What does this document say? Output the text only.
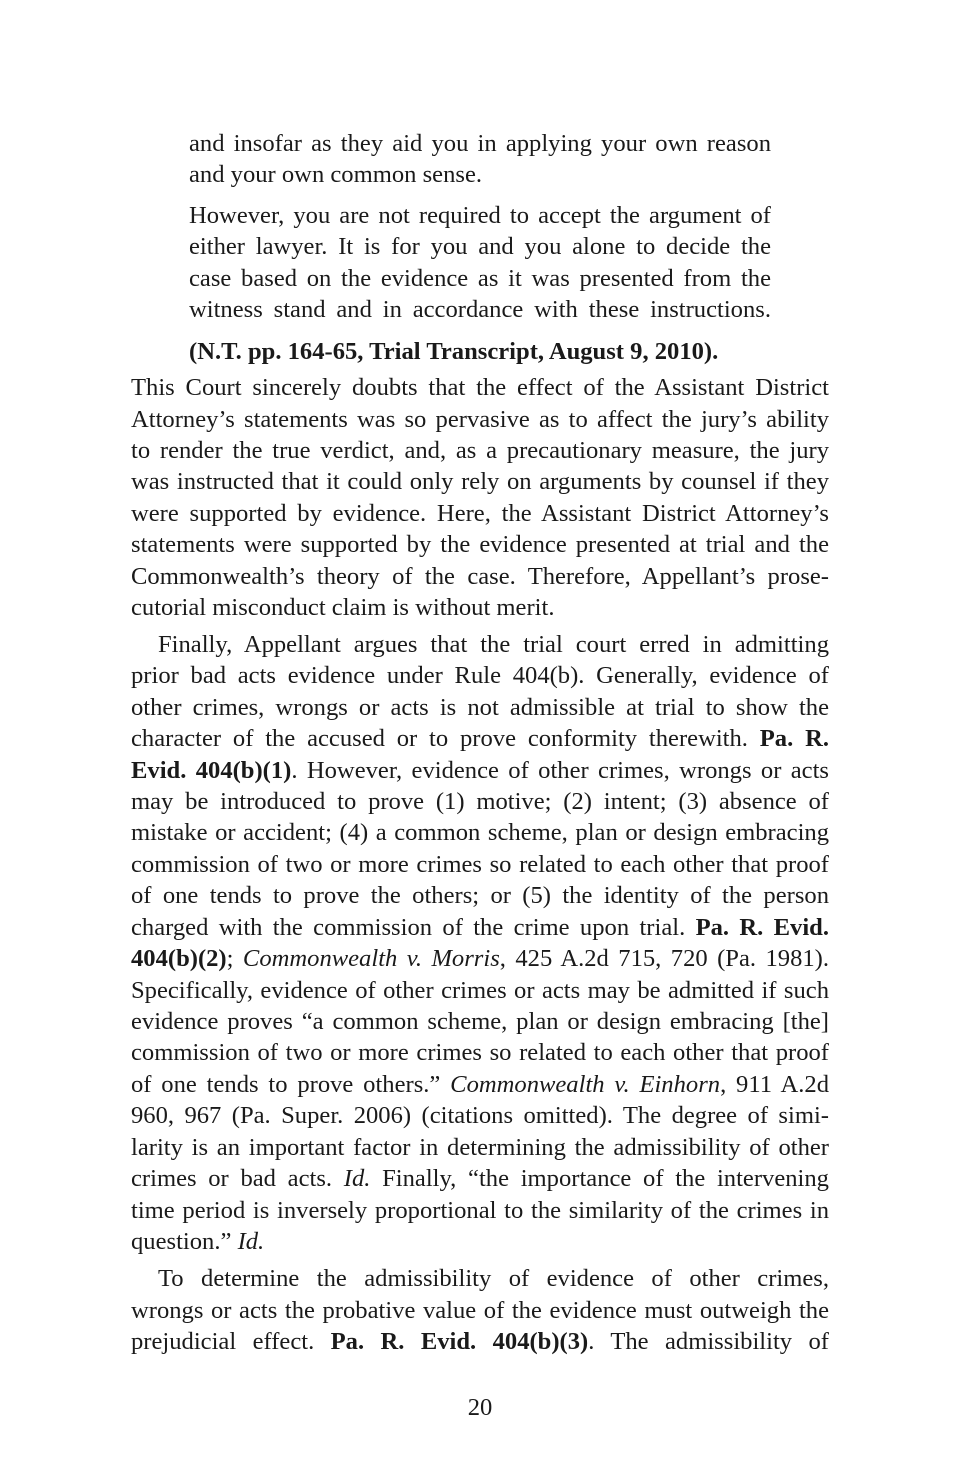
and insofar as they aid you in applying your own reason
and your own common sense.
However, you are not required to accept the argument of
either lawyer. It is for you and you alone to decide the
case based on the evidence as it was presented from the
witness stand and in accordance with these instructions.
(N.T. pp. 164-65, Trial Transcript, August 9, 2010).
This Court sincerely doubts that the effect of the Assistant District
Attorney’s statements was so pervasive as to affect the jury’s ability
to render the true verdict, and, as a precautionary measure, the jury
was instructed that it could only rely on arguments by counsel if they
were supported by evidence. Here, the Assistant District Attorney’s
statements were supported by the evidence presented at trial and the
Commonwealth’s theory of the case. Therefore, Appellant’s prose-
cutorial misconduct claim is without merit.
Finally, Appellant argues that the trial court erred in admitting
prior bad acts evidence under Rule 404(b). Generally, evidence of
other crimes, wrongs or acts is not admissible at trial to show the
character of the accused or to prove conformity therewith. Pa. R.
Evid. 404(b)(1). However, evidence of other crimes, wrongs or acts
may be introduced to prove (1) motive; (2) intent; (3) absence of
mistake or accident; (4) a common scheme, plan or design embracing
commission of two or more crimes so related to each other that proof
of one tends to prove the others; or (5) the identity of the person
charged with the commission of the crime upon trial. Pa. R. Evid.
404(b)(2); Commonwealth v. Morris, 425 A.2d 715, 720 (Pa. 1981).
Specifically, evidence of other crimes or acts may be admitted if such
evidence proves “a common scheme, plan or design embracing [the]
commission of two or more crimes so related to each other that proof
of one tends to prove others.” Commonwealth v. Einhorn, 911 A.2d
960, 967 (Pa. Super. 2006) (citations omitted). The degree of simi-
larity is an important factor in determining the admissibility of other
crimes or bad acts. Id. Finally, “the importance of the intervening
time period is inversely proportional to the similarity of the crimes in
question.” Id.
To determine the admissibility of evidence of other crimes,
wrongs or acts the probative value of the evidence must outweigh the
prejudicial effect. Pa. R. Evid. 404(b)(3). The admissibility of
20
